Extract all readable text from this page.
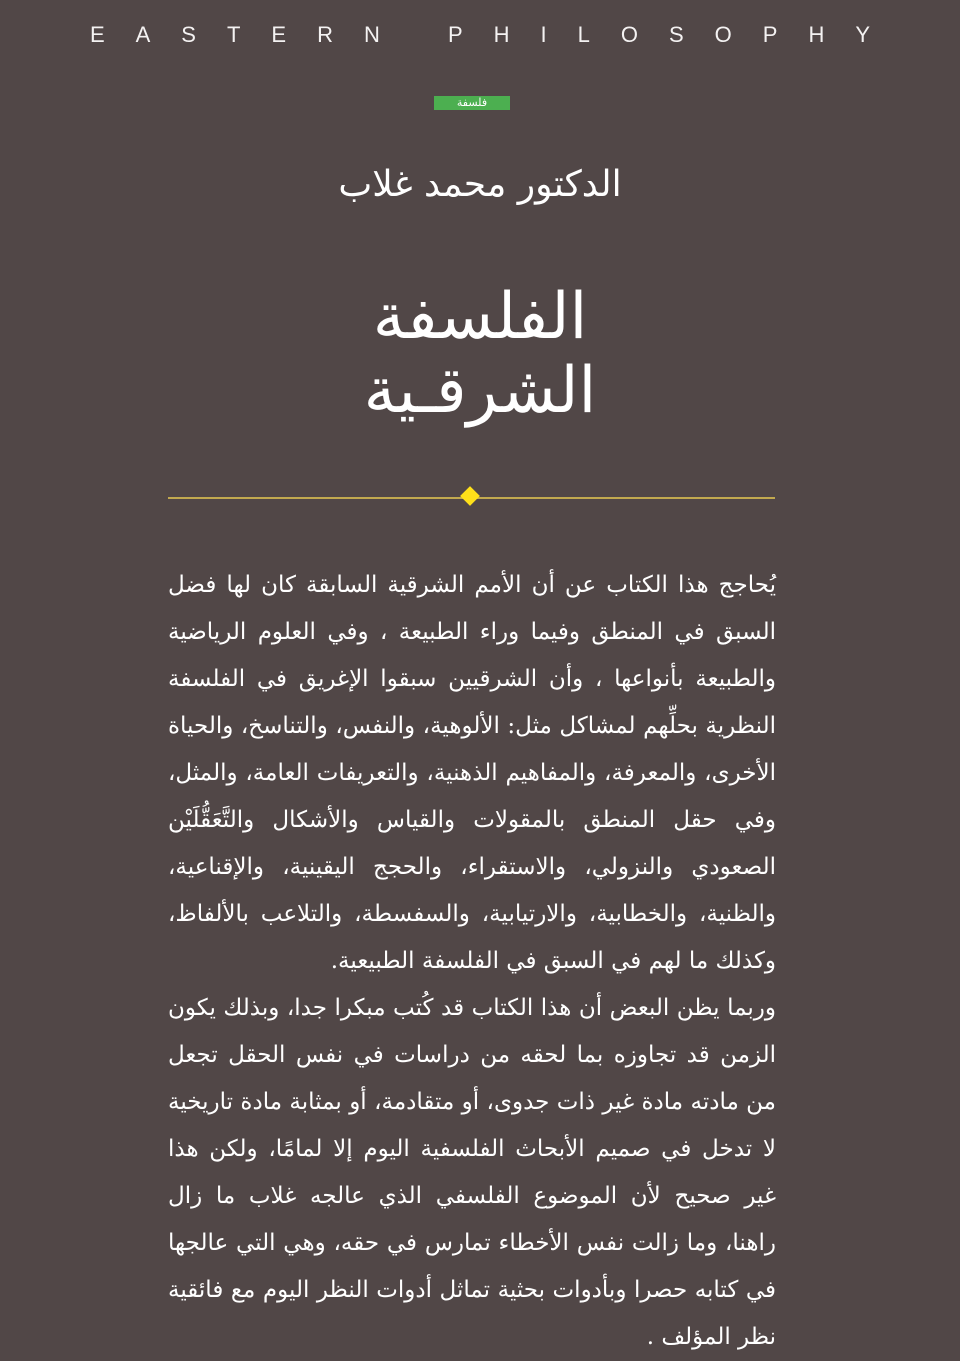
EASTERN PHILOSOPHY
فلسفة
الدكتور محمد غلاب
الفلسفة
الشرقـية

يُحاجج هذا الكتاب عن أن الأمم الشرقية السابقة كان لها فضل السبق في المنطق وفيما وراء الطبيعة ، وفي العلوم الرياضية والطبيعة بأنواعها ، وأن الشرقيين سبقوا الإغريق في الفلسفة النظرية بحلِّهم لمشاكل مثل: الألوهية، والنفس، والتناسخ، والحياة الأخرى، والمعرفة، والمفاهيم الذهنية، والتعريفات العامة، والمثل، وفي حقل المنطق بالمقولات والقياس والأشكال والتَّعَقُّلَيْن الصعودي والنزولي، والاستقراء، والحجج اليقينية، والإقناعية، والظنية، والخطابية، والارتيابية، والسفسطة، والتلاعب بالألفاظ، وكذلك ما لهم في السبق في الفلسفة الطبيعية.

وربما يظن البعض أن هذا الكتاب قد كُتب مبكرا جدا، وبذلك يكون الزمن قد تجاوزه بما لحقه من دراسات في نفس الحقل تجعل من مادته مادة غير ذات جدوى، أو متقادمة، أو بمثابة مادة تاريخية لا تدخل في صميم الأبحاث الفلسفية اليوم إلا لمامًا، ولكن هذا غير صحيح لأن الموضوع الفلسفي الذي عالجه غلاب ما زال راهنا، وما زالت نفس الأخطاء تمارس في حقه، وهي التي عالجها في كتابه حصرا وبأدوات بحثية تماثل أدوات النظر اليوم مع فائقية نظر المؤلف .
